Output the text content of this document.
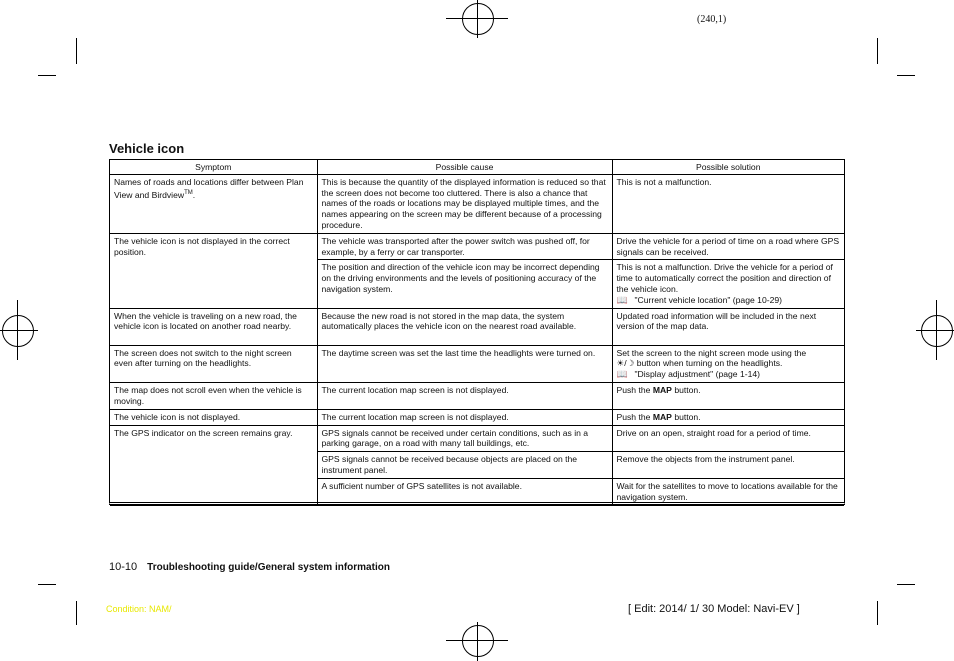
(240,1)
Vehicle icon
Symptom	Possible cause	Possible solution
Names of roads and locations differ between Plan View and Birdview™.	This is because the quantity of the displayed information is reduced so that the screen does not become too cluttered. There is also a chance that names of the roads or locations may be displayed multiple times, and the names appearing on the screen may be different because of a processing procedure.	This is not a malfunction.
The vehicle icon is not displayed in the correct position.	The vehicle was transported after the power switch was pushed off, for example, by a ferry or car transporter.	Drive the vehicle for a period of time on a road where GPS signals can be received.
	The position and direction of the vehicle icon may be incorrect depending on the driving environments and the levels of positioning accuracy of the navigation system.	This is not a malfunction. Drive the vehicle for a period of time to automatically correct the position and direction of the vehicle icon.
📖 "Current vehicle location" (page 10-29)

When the vehicle is traveling on a new road, the vehicle icon is located on another road nearby.	Because the new road is not stored in the map data, the system automatically places the vehicle icon on the nearest road available.	Updated road information will be included in the next version of the map data.
The screen does not switch to the night screen even after turning on the headlights.	The daytime screen was set the last time the headlights were turned on.	Set the screen to the night screen mode using the
☀/☽ button when turning on the headlights.
📖 "Display adjustment" (page 1-14)

The map does not scroll even when the vehicle is moving.	The current location map screen is not displayed.	Push the MAP button.
The vehicle icon is not displayed.	The current location map screen is not displayed.	Push the MAP button.
The GPS indicator on the screen remains gray.	GPS signals cannot be received under certain conditions, such as in a parking garage, on a road with many tall buildings, etc.	Drive on an open, straight road for a period of time.
	GPS signals cannot be received because objects are placed on the instrument panel.	Remove the objects from the instrument panel.
	A sufficient number of GPS satellites is not available.	Wait for the satellites to move to locations available for the navigation system.
10-10 Troubleshooting guide/General system information
Condition: NAM/	[ Edit: 2014/ 1/ 30 Model: Navi-EV ]
